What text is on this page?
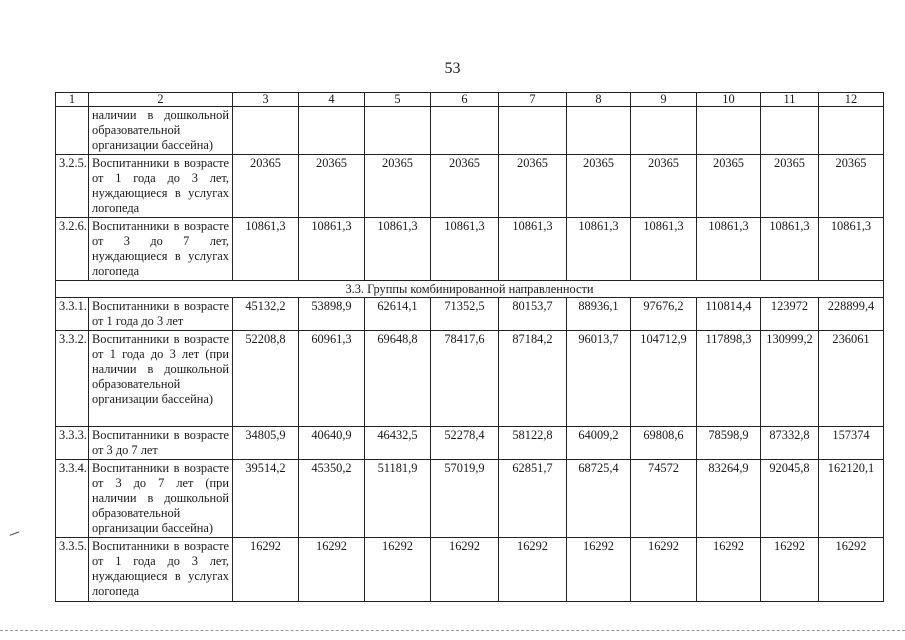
53
1	2	3	4	5	6	7	8	9	10	11	12
	наличии в дошкольной образовательной организации бассейна)										
3.2.5.	Воспитанники в возрасте от 1 года до 3 лет, нуждающиеся в услугах логопеда	20365	20365	20365	20365	20365	20365	20365	20365	20365	20365
3.2.6.	Воспитанники в возрасте от 3 до 7 лет, нуждающиеся в услугах логопеда	10861,3	10861,3	10861,3	10861,3	10861,3	10861,3	10861,3	10861,3	10861,3	10861,3
3.3. Группы комбинированной направленности											
3.3.1.	Воспитанники в возрасте от 1 года до 3 лет	45132,2	53898,9	62614,1	71352,5	80153,7	88936,1	97676,2	110814,4	123972	228899,4
3.3.2.	Воспитанники в возрасте от 1 года до 3 лет (при наличии в дошкольной образовательной организации бассейна)	52208,8	60961,3	69648,8	78417,6	87184,2	96013,7	104712,9	117898,3	130999,2	236061
3.3.3.	Воспитанники в возрасте от 3 до 7 лет	34805,9	40640,9	46432,5	52278,4	58122,8	64009,2	69808,6	78598,9	87332,8	157374
3.3.4.	Воспитанники в возрасте от 3 до 7 лет (при наличии в дошкольной образовательной организации бассейна)	39514,2	45350,2	51181,9	57019,9	62851,7	68725,4	74572	83264,9	92045,8	162120,1
3.3.5.	Воспитанники в возрасте от 1 года до 3 лет, нуждающиеся в услугах логопеда	16292	16292	16292	16292	16292	16292	16292	16292	16292	16292
